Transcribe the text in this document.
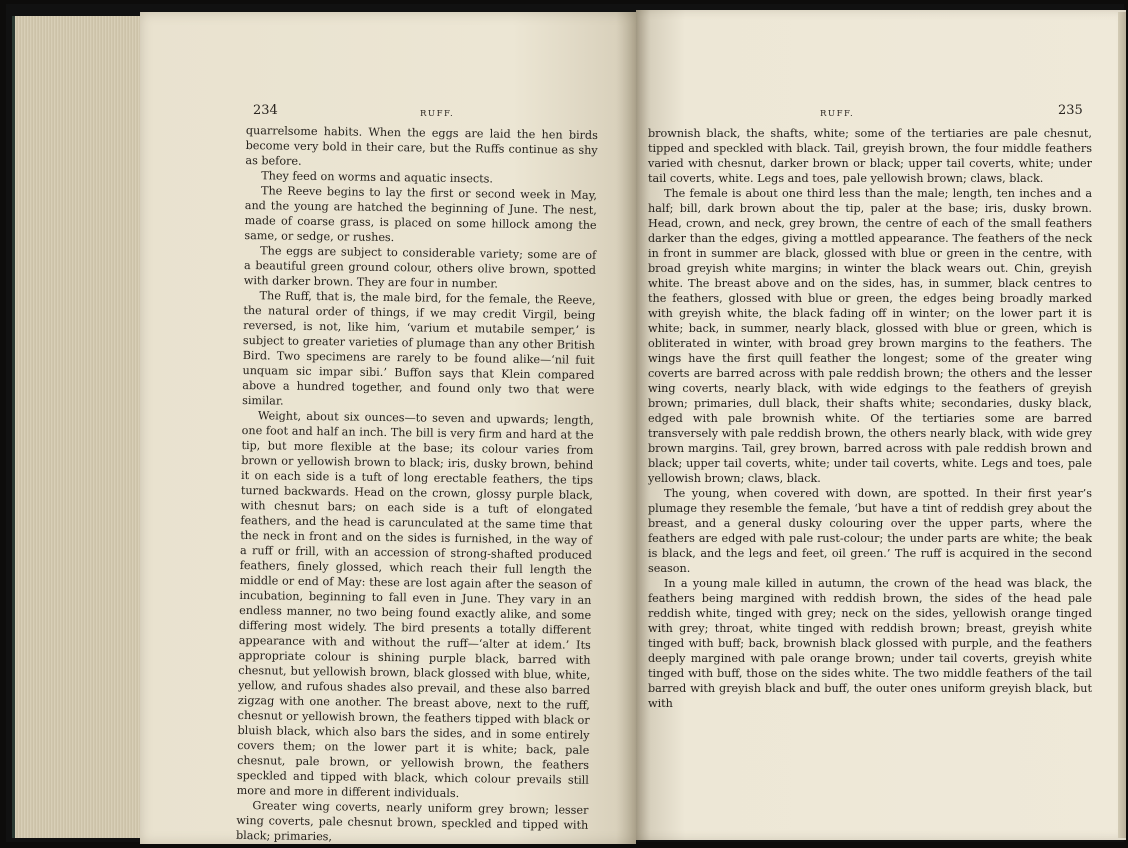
234	RUFF.	235
RUFF.

quarrelsome habits. When the eggs are laid the hen birds become very bold in their care, but the Ruffs continue as shy as before.

They feed on worms and aquatic insects.

The Reeve begins to lay the first or second week in May, and the young are hatched the beginning of June. The nest, made of coarse grass, is placed on some hillock among the same, or sedge, or rushes.

The eggs are subject to considerable variety; some are of a beautiful green ground colour, others olive brown, spotted with darker brown. They are four in number.

The Ruff, that is, the male bird, for the female, the Reeve, the natural order of things, if we may credit Virgil, being reversed, is not, like him, ‘varium et mutabile semper,’ is subject to greater varieties of plumage than any other British Bird. Two specimens are rarely to be found alike—‘nil fuit unquam sic impar sibi.’ Buffon says that Klein compared above a hundred together, and found only two that were similar.

Weight, about six ounces—to seven and upwards; length, one foot and half an inch. The bill is very firm and hard at the tip, but more flexible at the base; its colour varies from brown or yellowish brown to black; iris, dusky brown, behind it on each side is a tuft of long erectable feathers, the tips turned backwards. Head on the crown, glossy purple black, with chesnut bars; on each side is a tuft of elongated feathers, and the head is carunculated at the same time that the neck in front and on the sides is furnished, in the way of a ruff or frill, with an accession of strong-shafted produced feathers, finely glossed, which reach their full length the middle or end of May: these are lost again after the season of incubation, beginning to fall even in June. They vary in an endless manner, no two being found exactly alike, and some differing most widely. The bird presents a totally different appearance with and without the ruff—‘alter at idem.’ Its appropriate colour is shining purple black, barred with chesnut, but yellowish brown, black glossed with blue, white, yellow, and rufous shades also prevail, and these also barred zigzag with one another. The breast above, next to the ruff, chesnut or yellowish brown, the feathers tipped with black or bluish black, which also bars the sides, and in some entirely covers them; on the lower part it is white; back, pale chesnut, pale brown, or yellowish brown, the feathers speckled and tipped with black, which colour prevails still more and more in different individuals.

Greater wing coverts, nearly uniform grey brown; lesser wing coverts, pale chesnut brown, speckled and tipped with black; primaries,

brownish black, the shafts, white; some of the tertiaries are pale chesnut, tipped and speckled with black. Tail, greyish brown, the four middle feathers varied with chesnut, darker brown or black; upper tail coverts, white; under tail coverts, white. Legs and toes, pale yellowish brown; claws, black.

The female is about one third less than the male; length, ten inches and a half; bill, dark brown about the tip, paler at the base; iris, dusky brown. Head, crown, and neck, grey brown, the centre of each of the small feathers darker than the edges, giving a mottled appearance. The feathers of the neck in front in summer are black, glossed with blue or green in the centre, with broad greyish white margins; in winter the black wears out. Chin, greyish white. The breast above and on the sides, has, in summer, black centres to the feathers, glossed with blue or green, the edges being broadly marked with greyish white, the black fading off in winter; on the lower part it is white; back, in summer, nearly black, glossed with blue or green, which is obliterated in winter, with broad grey brown margins to the feathers. The wings have the first quill feather the longest; some of the greater wing coverts are barred across with pale reddish brown; the others and the lesser wing coverts, nearly black, with wide edgings to the feathers of greyish brown; primaries, dull black, their shafts white; secondaries, dusky black, edged with pale brownish white. Of the tertiaries some are barred transversely with pale reddish brown, the others nearly black, with wide grey brown margins. Tail, grey brown, barred across with pale reddish brown and black; upper tail coverts, white; under tail coverts, white. Legs and toes, pale yellowish brown; claws, black.

The young, when covered with down, are spotted. In their first year’s plumage they resemble the female, ‘but have a tint of reddish grey about the breast, and a general dusky colouring over the upper parts, where the feathers are edged with pale rust-colour; the under parts are white; the beak is black, and the legs and feet, oil green.’ The ruff is acquired in the second season.

In a young male killed in autumn, the crown of the head was black, the feathers being margined with reddish brown, the sides of the head pale reddish white, tinged with grey; neck on the sides, yellowish orange tinged with grey; throat, white tinged with reddish brown; breast, greyish white tinged with buff; back, brownish black glossed with purple, and the feathers deeply margined with pale orange brown; under tail coverts, greyish white tinged with buff, those on the sides white. The two middle feathers of the tail barred with greyish black and buff, the outer ones uniform greyish black, but with
